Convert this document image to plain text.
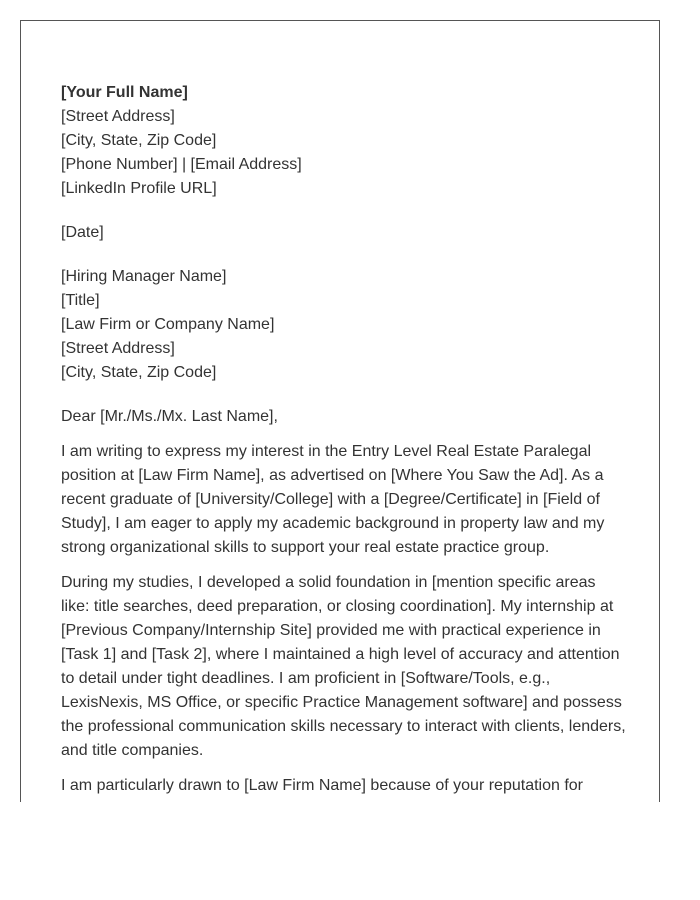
[Your Full Name]
[Street Address]
[City, State, Zip Code]
[Phone Number] | [Email Address]
[LinkedIn Profile URL]
[Date]
[Hiring Manager Name]
[Title]
[Law Firm or Company Name]
[Street Address]
[City, State, Zip Code]
Dear [Mr./Ms./Mx. Last Name],

I am writing to express my interest in the Entry Level Real Estate Paralegal position at [Law Firm Name], as advertised on [Where You Saw the Ad]. As a recent graduate of [University/College] with a [Degree/Certificate] in [Field of Study], I am eager to apply my academic background in property law and my strong organizational skills to support your real estate practice group.

During my studies, I developed a solid foundation in [mention specific areas like: title searches, deed preparation, or closing coordination]. My internship at [Previous Company/Internship Site] provided me with practical experience in [Task 1] and [Task 2], where I maintained a high level of accuracy and attention to detail under tight deadlines. I am proficient in [Software/Tools, e.g., LexisNexis, MS Office, or specific Practice Management software] and possess the professional communication skills necessary to interact with clients, lenders, and title companies.

I am particularly drawn to [Law Firm Name] because of your reputation for
